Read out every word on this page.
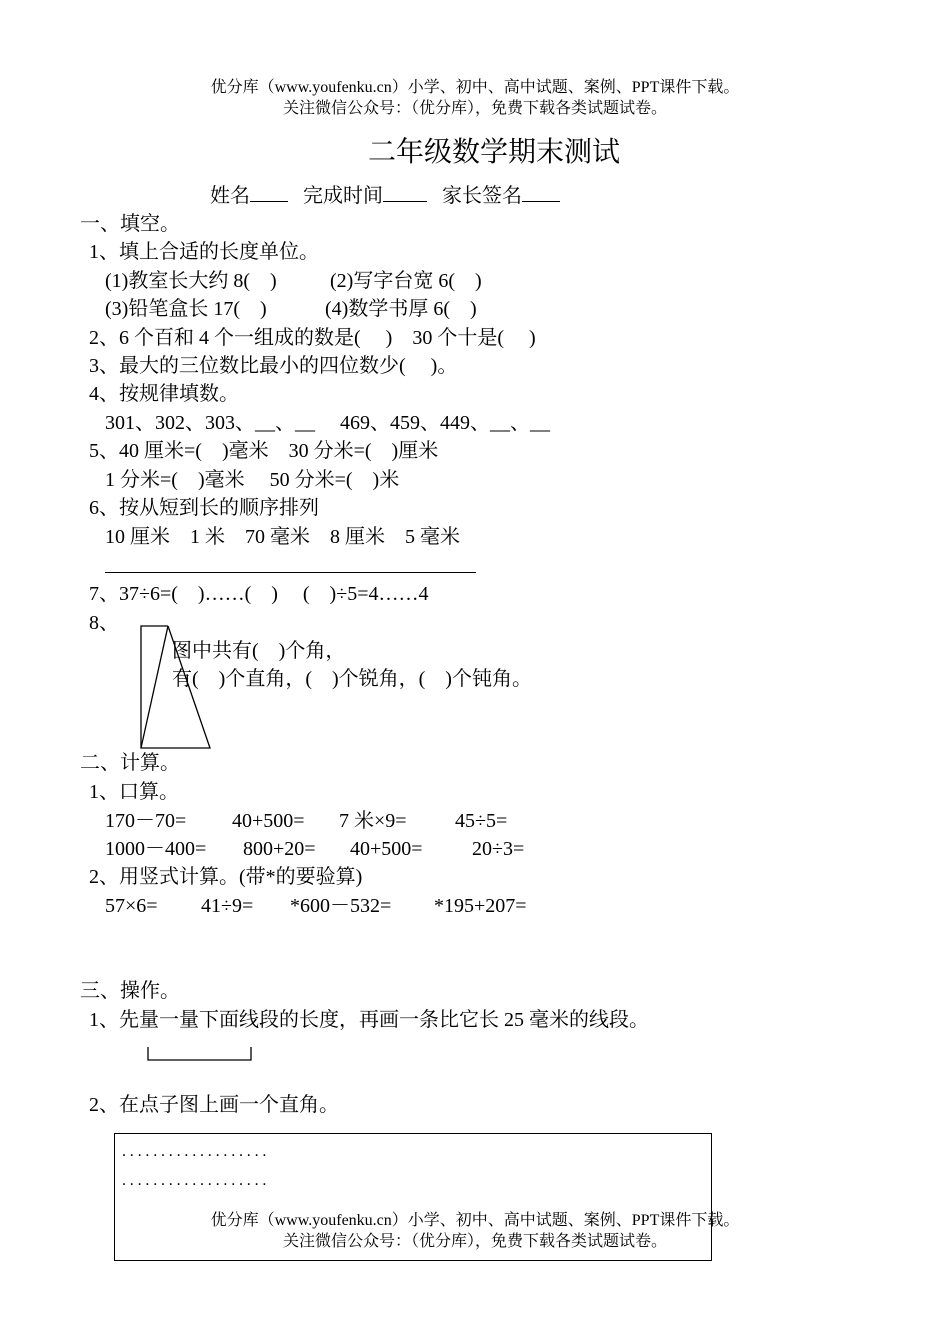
优分库（www.youfenku.cn）小学、初中、高中试题、案例、PPT课件下载。
关注微信公众号：（优分库），免费下载各类试题试卷。
二年级数学期末测试
姓名	完成时间	家长签名
一、填空。
1、填上合适的长度单位。
(1)教室长大约 8(    )	(2)写字台宽 6(    )
(3)铅笔盒长 17(    )	(4)数学书厚 6(    )
2、6 个百和 4 个一组成的数是(     )    30 个十是(     )
3、最大的三位数比最小的四位数少(     )。
4、按规律填数。
301、302、303、__、__     469、459、449、__、__
5、40 厘米=(    )毫米    30 分米=(    )厘米
1 分米=(    )毫米     50 分米=(    )米
6、按从短到长的顺序排列
10 厘米    1 米    70 毫米    8 厘米    5 毫米
7、37÷6=(    )……(    )     (    )÷5=4……4
8、
图中共有(    )个角，
有(    )个直角，(    )个锐角，(    )个钝角。
二、计算。
1、口算。
170－70= 40+500= 7 米×9= 45÷5=
1000－400= 800+20= 40+500= 20÷3=
2、用竖式计算。(带*的要验算)
57×6= 41÷9= *600－532= *195+207=
三、操作。
1、先量一量下面线段的长度，再画一条比它长 25 毫米的线段。
2、在点子图上画一个直角。
...................
...................
优分库（www.youfenku.cn）小学、初中、高中试题、案例、PPT课件下载。
关注微信公众号：（优分库），免费下载各类试题试卷。
